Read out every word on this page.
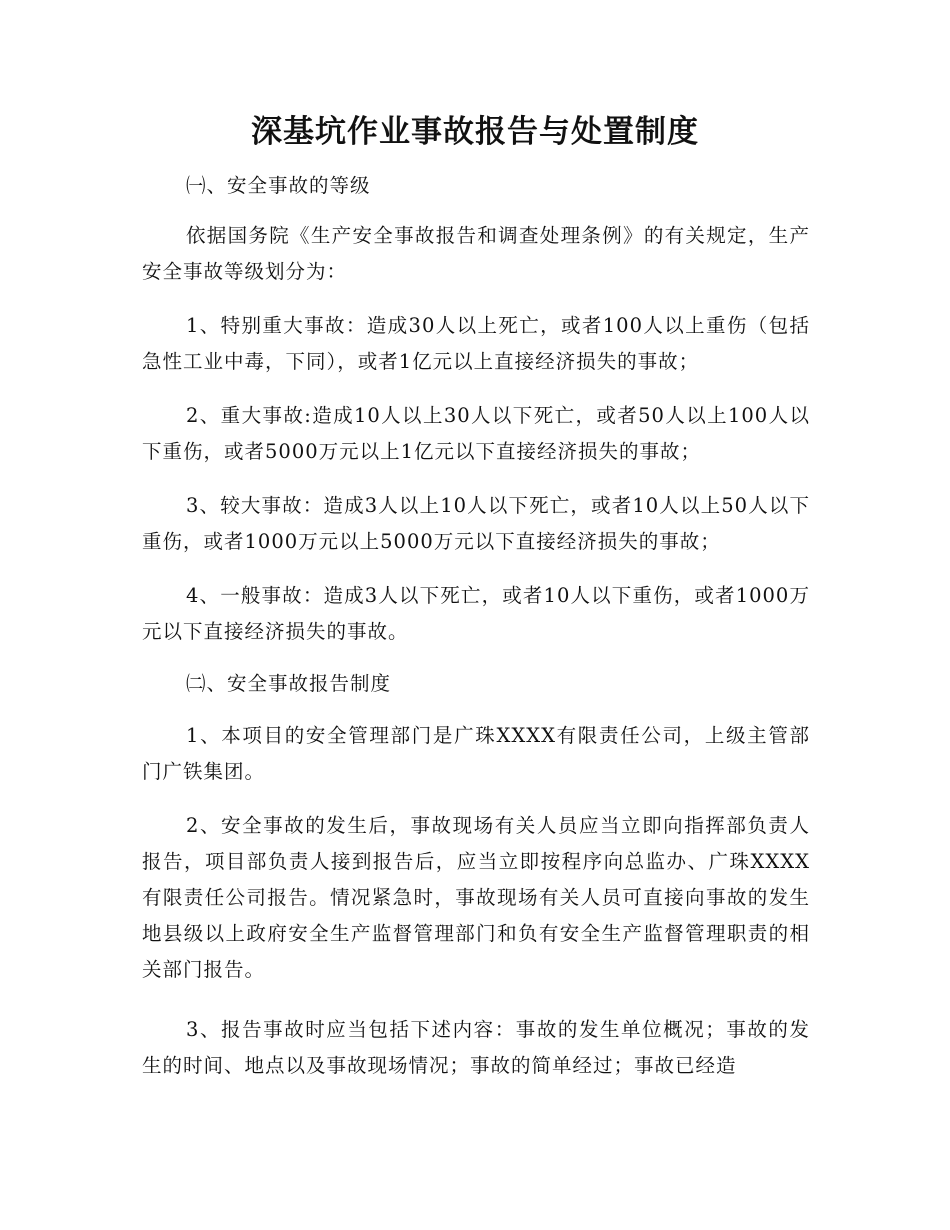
深基坑作业事故报告与处置制度
㈠、安全事故的等级
依据国务院《生产安全事故报告和调查处理条例》的有关规定，生产安全事故等级划分为：
1、特别重大事故：造成30人以上死亡，或者100人以上重伤（包括急性工业中毒，下同），或者1亿元以上直接经济损失的事故；
2、重大事故:造成10人以上30人以下死亡，或者50人以上100人以下重伤，或者5000万元以上1亿元以下直接经济损失的事故；
3、较大事故：造成3人以上10人以下死亡，或者10人以上50人以下重伤，或者1000万元以上5000万元以下直接经济损失的事故；
4、一般事故：造成3人以下死亡，或者10人以下重伤，或者1000万元以下直接经济损失的事故。
㈡、安全事故报告制度
1、本项目的安全管理部门是广珠XXXX有限责任公司，上级主管部门广铁集团。
2、安全事故的发生后，事故现场有关人员应当立即向指挥部负责人报告，项目部负责人接到报告后，应当立即按程序向总监办、广珠XXXX有限责任公司报告。情况紧急时，事故现场有关人员可直接向事故的发生地县级以上政府安全生产监督管理部门和负有安全生产监督管理职责的相关部门报告。
3、报告事故时应当包括下述内容：事故的发生单位概况；事故的发生的时间、地点以及事故现场情况；事故的简单经过；事故已经造
